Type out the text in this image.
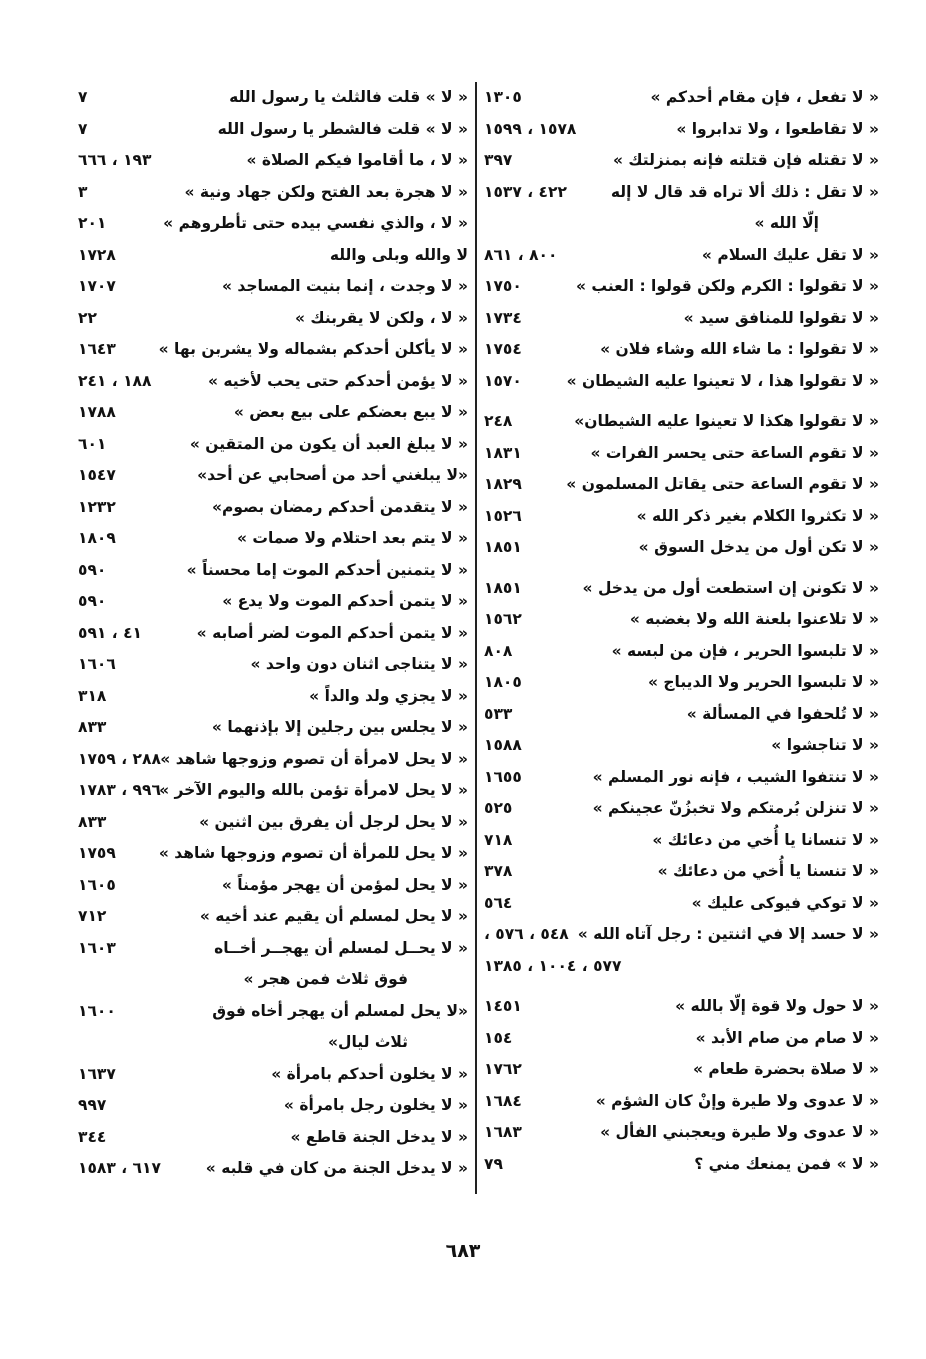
« لا تفعل ، فإن مقام أحدكم »
١٣٠٥
« لا تقاطعوا ، ولا تدابروا »
١٥٧٨ ، ١٥٩٩
« لا تقتله فإن قتلته فإنه بمنزلتك »
٣٩٧
« لا تقل : ذلك ألا تراه قد قال لا إله
٤٢٢ ، ١٥٣٧
إلّا الله »
« لا تقل عليك السلام »
٨٠٠ ، ٨٦١
« لا تقولوا : الكرم ولكن قولوا : العنب »
١٧٥٠
« لا تقولوا للمنافق سيد »
١٧٣٤
« لا تقولوا : ما شاء الله وشاء فلان »
١٧٥٤
« لا تقولوا هذا ، لا تعينوا عليه الشيطان »
١٥٧٠
« لا تقولوا هكذا لا تعينوا عليه الشيطان»
٢٤٨
« لا تقوم الساعة حتى يحسر الفرات »
١٨٣١
« لا تقوم الساعة حتى يقاتل المسلمون »
١٨٢٩
« لا تكثروا الكلام بغير ذكر الله »
١٥٢٦
« لا تكن أول من يدخل السوق »
١٨٥١
« لا تكونن إن استطعت أول من يدخل »
١٨٥١
« لا تلاعنوا بلعنة الله ولا بغضبه »
١٥٦٢
« لا تلبسوا الحرير ، فإن من لبسه »
٨٠٨
« لا تلبسوا الحرير ولا الديباج »
١٨٠٥
« لا تُلحفوا في المسألة »
٥٣٣
« لا تناجشوا »
١٥٨٨
« لا تنتفوا الشيب ، فإنه نور المسلم »
١٦٥٥
« لا تنزلن بُرمتكم ولا تخبزُنّ عجينكم »
٥٢٥
« لا تنسانا يا أُخي من دعائك »
٧١٨
« لا تنسنا يا أُخي من دعائك »
٣٧٨
« لا توكي فيوكى عليك »
٥٦٤
« لا حسد إلا في اثنتين : رجل آتاه الله »
٥٤٨ ، ٥٧٦ ،
٥٧٧ ، ١٠٠٤ ، ١٣٨٥
« لا حول ولا قوة إلّا بالله »
١٤٥١
« لا صام من صام الأبد »
١٥٤
« لا صلاة بحضرة طعام »
١٧٦٢
« لا عدوى ولا طيرة وإنْ كان الشؤم »
١٦٨٤
« لا عدوى ولا طيرة ويعجبني الفأل »
١٦٨٣
« لا » فمن يمنعك مني ؟
٧٩
« لا » قلت فالثلث يا رسول الله
٧
« لا » قلت فالشطر يا رسول الله
٧
« لا ، ما أقاموا فيكم الصلاة »
١٩٣ ، ٦٦٦
« لا هجرة بعد الفتح ولكن جهاد ونية »
٣
« لا ، والذي نفسي بيده حتى تأطروهم »
٢٠١
لا والله وبلى والله
١٧٢٨
« لا وجدت ، إنما بنيت المساجد »
١٧٠٧
« لا ، ولكن لا يقربنك »
٢٢
« لا يأكلن أحدكم بشماله ولا يشربن بها »
١٦٤٣
« لا يؤمن أحدكم حتى يحب لأخيه »
١٨٨ ، ٢٤١
« لا يبع بعضكم على بيع بعض »
١٧٨٨
« لا يبلغ العبد أن يكون من المتقين »
٦٠١
«لا يبلغني أحد من أصحابي عن أحد»
١٥٤٧
« لا يتقدمن أحدكم رمضان بصوم»
١٢٣٢
« لا يتم بعد احتلام ولا صمات »
١٨٠٩
« لا يتمنين أحدكم الموت إما محسناً »
٥٩٠
« لا يتمن أحدكم الموت ولا يدع »
٥٩٠
« لا يتمن أحدكم الموت لضر أصابه »
٤١ ، ٥٩١
« لا يتناجى اثنان دون واحد »
١٦٠٦
« لا يجزي ولد والداً »
٣١٨
« لا يجلس بين رجلين إلا بإذنهما »
٨٣٣
« لا يحل لامرأة أن تصوم وزوجها شاهد »
٢٨٨ ، ١٧٥٩
« لا يحل لامرأة تؤمن بالله واليوم الآخر »
٩٩٦ ، ١٧٨٣
« لا يحل لرجل أن يفرق بين اثنين »
٨٣٣
« لا يحل للمرأة أن تصوم وزوجها شاهد »
١٧٥٩
« لا يحل لمؤمن أن يهجر مؤمناً »
١٦٠٥
« لا يحل لمسلم أن يقيم عند أخيه »
٧١٢
« لا يحــل لمسلم أن يهجــر أخــاه
١٦٠٣
فوق ثلاث فمن هجر »
«لا يحل لمسلم أن يهجر أخاه فوق
١٦٠٠
ثلاث ليال»
« لا يخلون أحدكم بامرأة »
١٦٣٧
« لا يخلون رجل بامرأة »
٩٩٧
« لا يدخل الجنة قاطع »
٣٤٤
« لا يدخل الجنة من كان في قلبه »
٦١٧ ، ١٥٨٣
٦٨٣
